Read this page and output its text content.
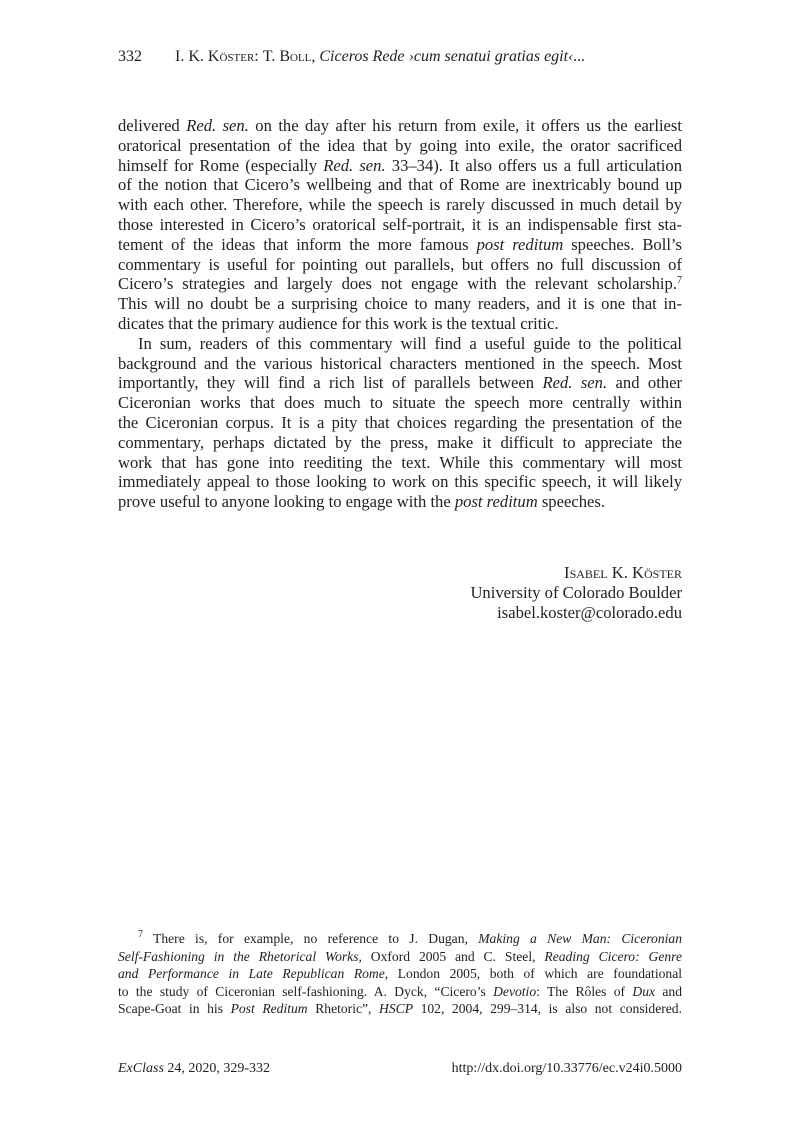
332 I. K. Köster: T. Boll, Ciceros Rede ›cum senatui gratias egit‹...
delivered Red. sen. on the day after his return from exile, it offers us the earliest
oratorical presentation of the idea that by going into exile, the orator sacrificed
himself for Rome (especially Red. sen. 33–34). It also offers us a full articulation
of the notion that Cicero’s wellbeing and that of Rome are inextricably bound up
with each other. Therefore, while the speech is rarely discussed in much detail by
those interested in Cicero’s oratorical self-portrait, it is an indispensable first sta-
tement of the ideas that inform the more famous post reditum speeches. Boll’s
commentary is useful for pointing out parallels, but offers no full discussion of
Cicero’s strategies and largely does not engage with the relevant scholarship.$^7$
This will no doubt be a surprising choice to many readers, and it is one that in-
dicates that the primary audience for this work is the textual critic.
In sum, readers of this commentary will find a useful guide to the political
background and the various historical characters mentioned in the speech. Most
importantly, they will find a rich list of parallels between Red. sen. and other
Ciceronian works that does much to situate the speech more centrally within
the Ciceronian corpus. It is a pity that choices regarding the presentation of the
commentary, perhaps dictated by the press, make it difficult to appreciate the
work that has gone into reediting the text. While this commentary will most
immediately appeal to those looking to work on this specific speech, it will likely
prove useful to anyone looking to engage with the post reditum speeches.
Isabel K. Köster
University of Colorado Boulder
isabel.koster@colorado.edu
$^7$ There is, for example, no reference to J. Dugan, Making a New Man: Ciceronian
Self-Fashioning in the Rhetorical Works, Oxford 2005 and C. Steel, Reading Cicero: Genre
and Performance in Late Republican Rome, London 2005, both of which are foundational
to the study of Ciceronian self-fashioning. A. Dyck, “Cicero’s Devotio: The Rôles of Dux and
Scape-Goat in his Post Reditum Rhetoric”, HSCP 102, 2004, 299–314, is also not considered.
ExClass 24, 2020, 329-332	http://dx.doi.org/10.33776/ec.v24i0.5000
